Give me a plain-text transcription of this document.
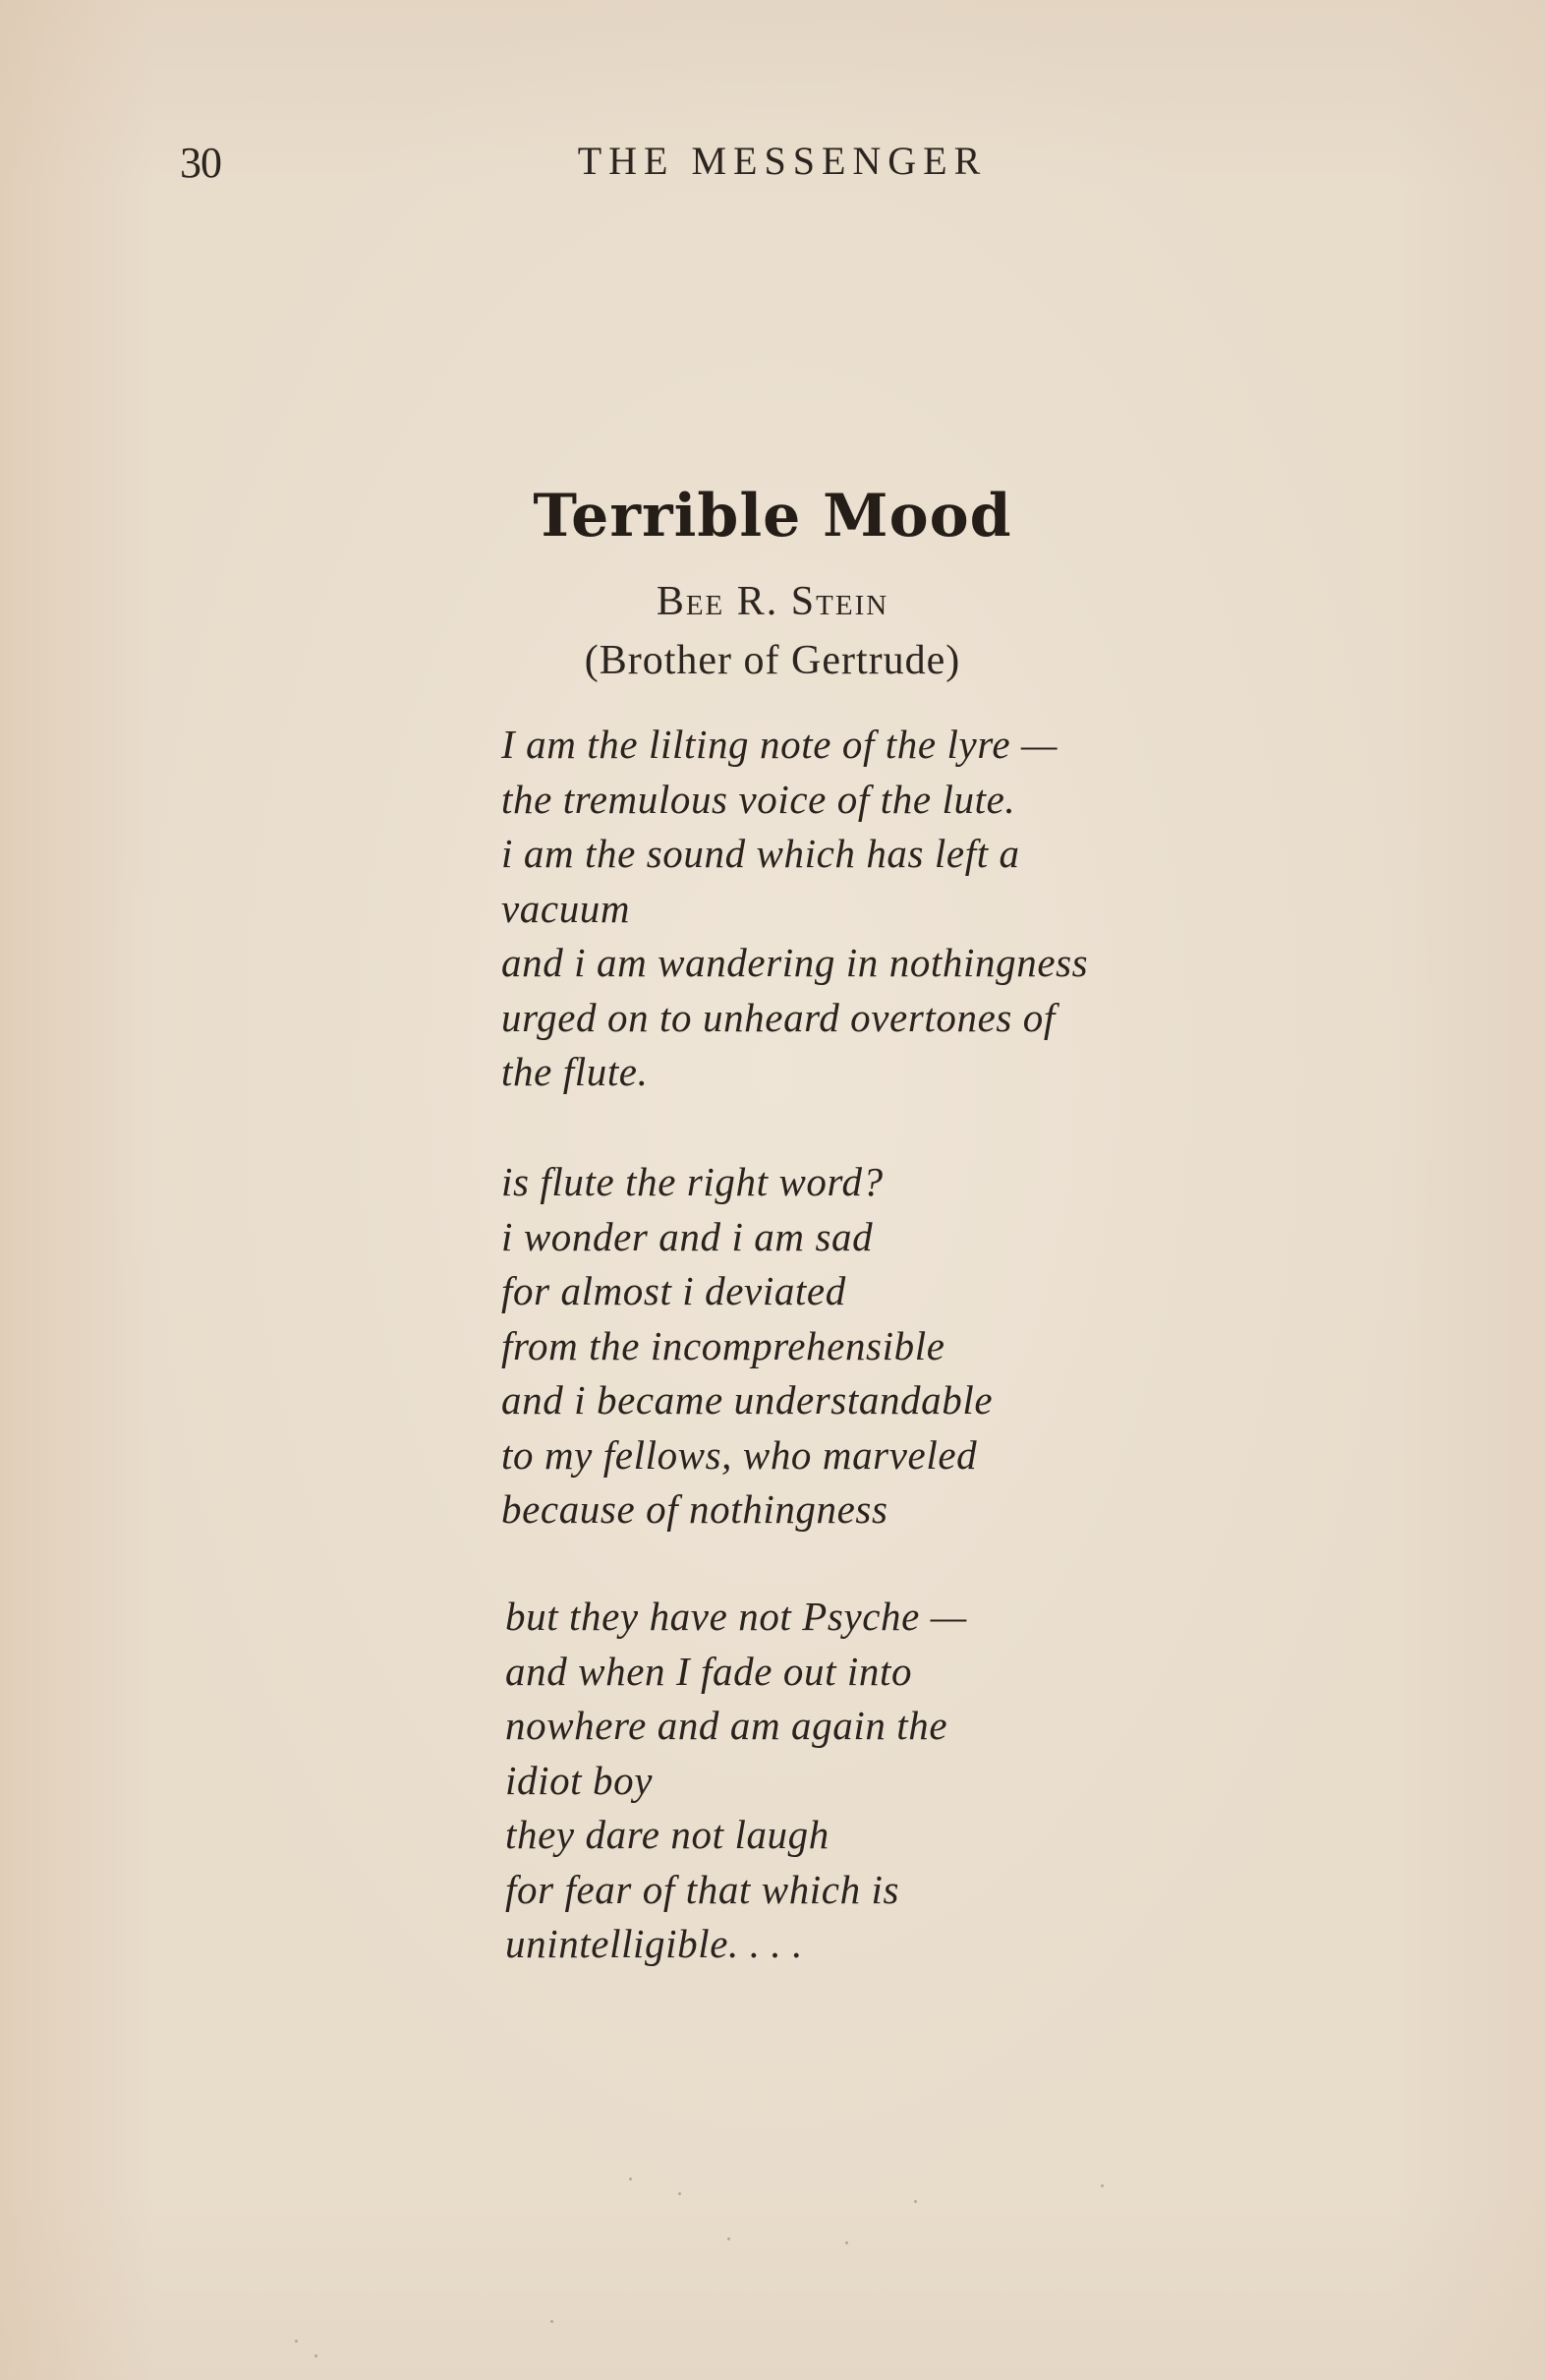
30	THE MESSENGER
Terrible Mood
Bee R. Stein
(Brother of Gertrude)
I am the lilting note of the lyre —
the tremulous voice of the lute.
i am the sound which has left a
vacuum
and i am wandering in nothingness
urged on to unheard overtones of
the flute.
is flute the right word?
i wonder and i am sad
for almost i deviated
from the incomprehensible
and i became understandable
to my fellows, who marveled
because of nothingness
but they have not Psyche —
and when I fade out into
nowhere and am again the
idiot boy
they dare not laugh
for fear of that which is
unintelligible. . . .
